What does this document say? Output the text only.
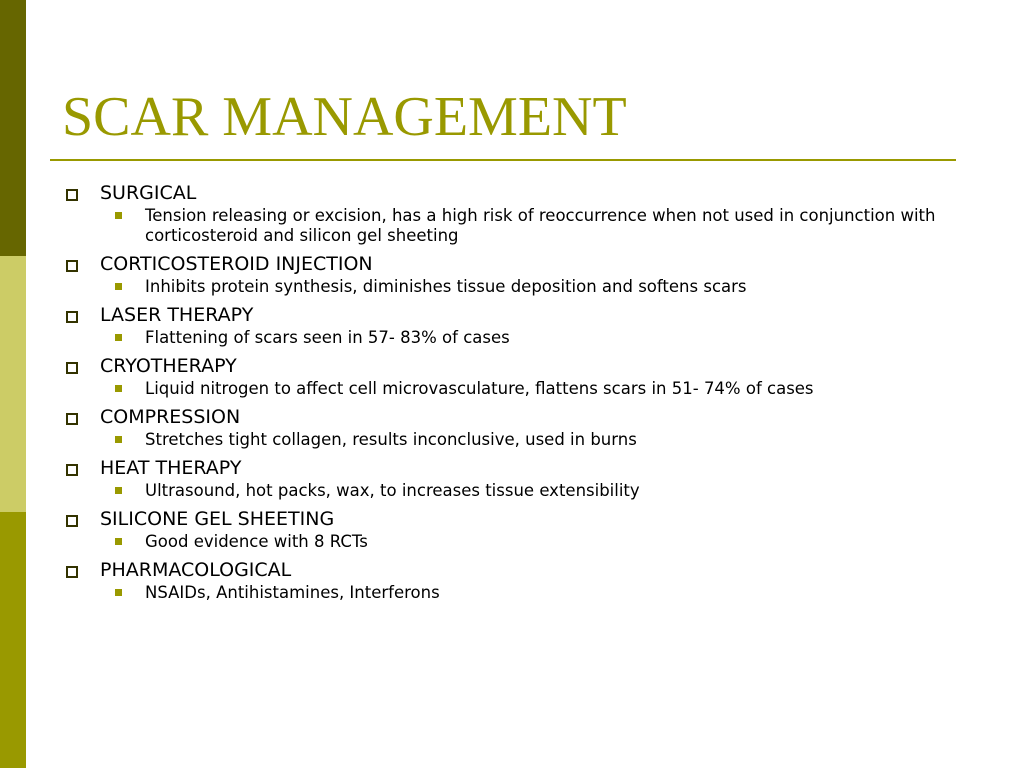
SCAR MANAGEMENT
SURGICAL
Tension releasing or excision, has a high risk of reoccurrence when not used in conjunction with corticosteroid and silicon gel sheeting
CORTICOSTEROID INJECTION
Inhibits protein synthesis, diminishes tissue deposition and softens scars
LASER THERAPY
Flattening of scars seen in 57- 83% of cases
CRYOTHERAPY
Liquid nitrogen to affect cell microvasculature, flattens scars in 51- 74% of cases
COMPRESSION
Stretches tight collagen, results inconclusive, used in burns
HEAT THERAPY
Ultrasound, hot packs, wax, to increases tissue extensibility
SILICONE GEL SHEETING
Good evidence with 8 RCTs
PHARMACOLOGICAL
NSAIDs, Antihistamines, Interferons
